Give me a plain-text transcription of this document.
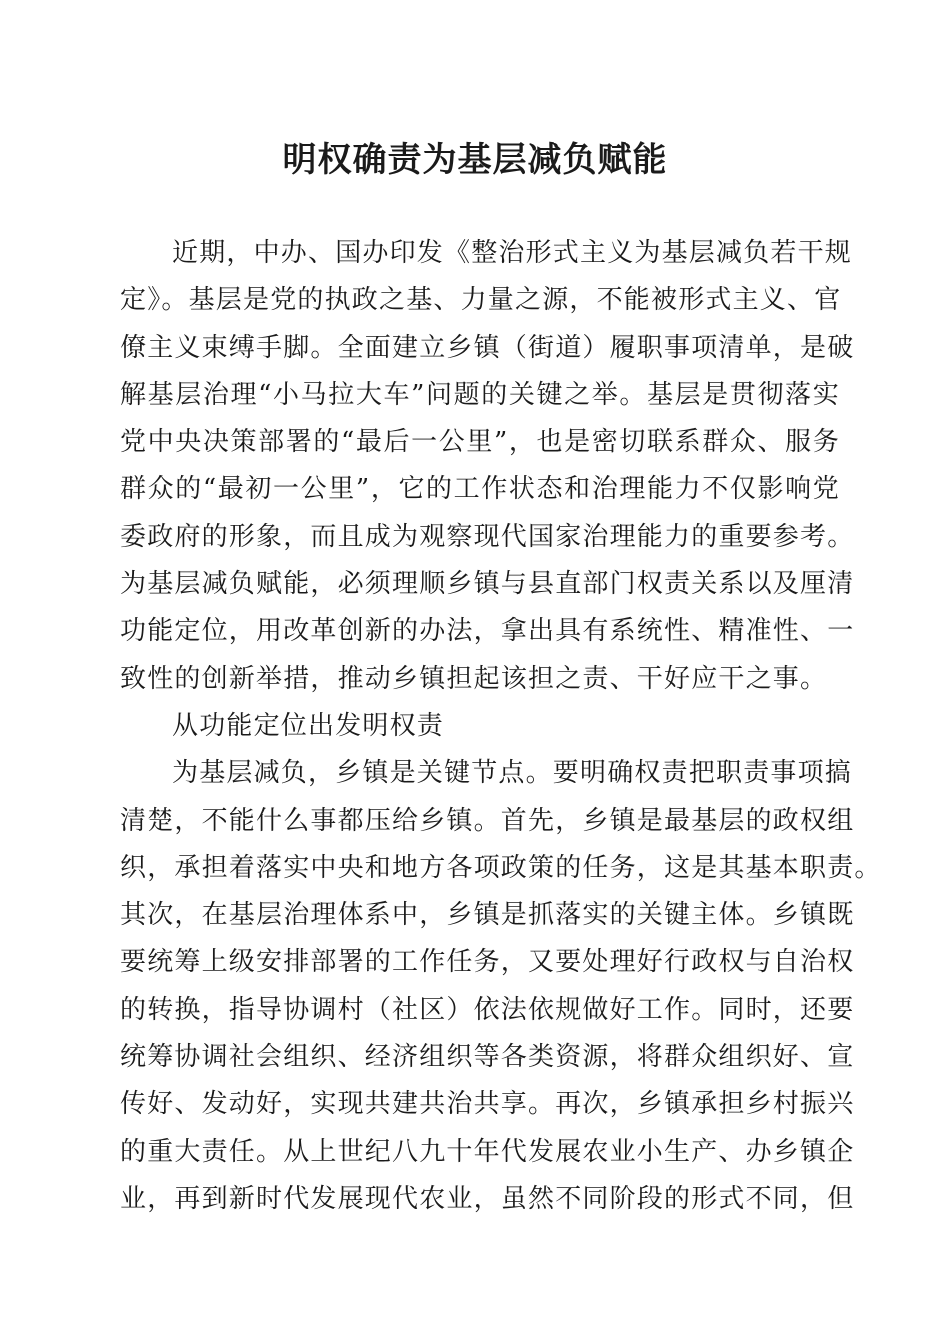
明权确责为基层减负赋能
近期，中办、国办印发《整治形式主义为基层减负若干规
定》。基层是党的执政之基、力量之源，不能被形式主义、官
僚主义束缚手脚。全面建立乡镇（街道）履职事项清单，是破
解基层治理“小马拉大车”问题的关键之举。基层是贯彻落实
党中央决策部署的“最后一公里”，也是密切联系群众、服务
群众的“最初一公里”，它的工作状态和治理能力不仅影响党
委政府的形象，而且成为观察现代国家治理能力的重要参考。
为基层减负赋能，必须理顺乡镇与县直部门权责关系以及厘清
功能定位，用改革创新的办法，拿出具有系统性、精准性、一
致性的创新举措，推动乡镇担起该担之责、干好应干之事。
从功能定位出发明权责
为基层减负，乡镇是关键节点。要明确权责把职责事项搞
清楚，不能什么事都压给乡镇。首先，乡镇是最基层的政权组
织，承担着落实中央和地方各项政策的任务，这是其基本职责。
其次，在基层治理体系中，乡镇是抓落实的关键主体。乡镇既
要统筹上级安排部署的工作任务，又要处理好行政权与自治权
的转换，指导协调村（社区）依法依规做好工作。同时，还要
统筹协调社会组织、经济组织等各类资源，将群众组织好、宣
传好、发动好，实现共建共治共享。再次，乡镇承担乡村振兴
的重大责任。从上世纪八九十年代发展农业小生产、办乡镇企
业，再到新时代发展现代农业，虽然不同阶段的形式不同，但
